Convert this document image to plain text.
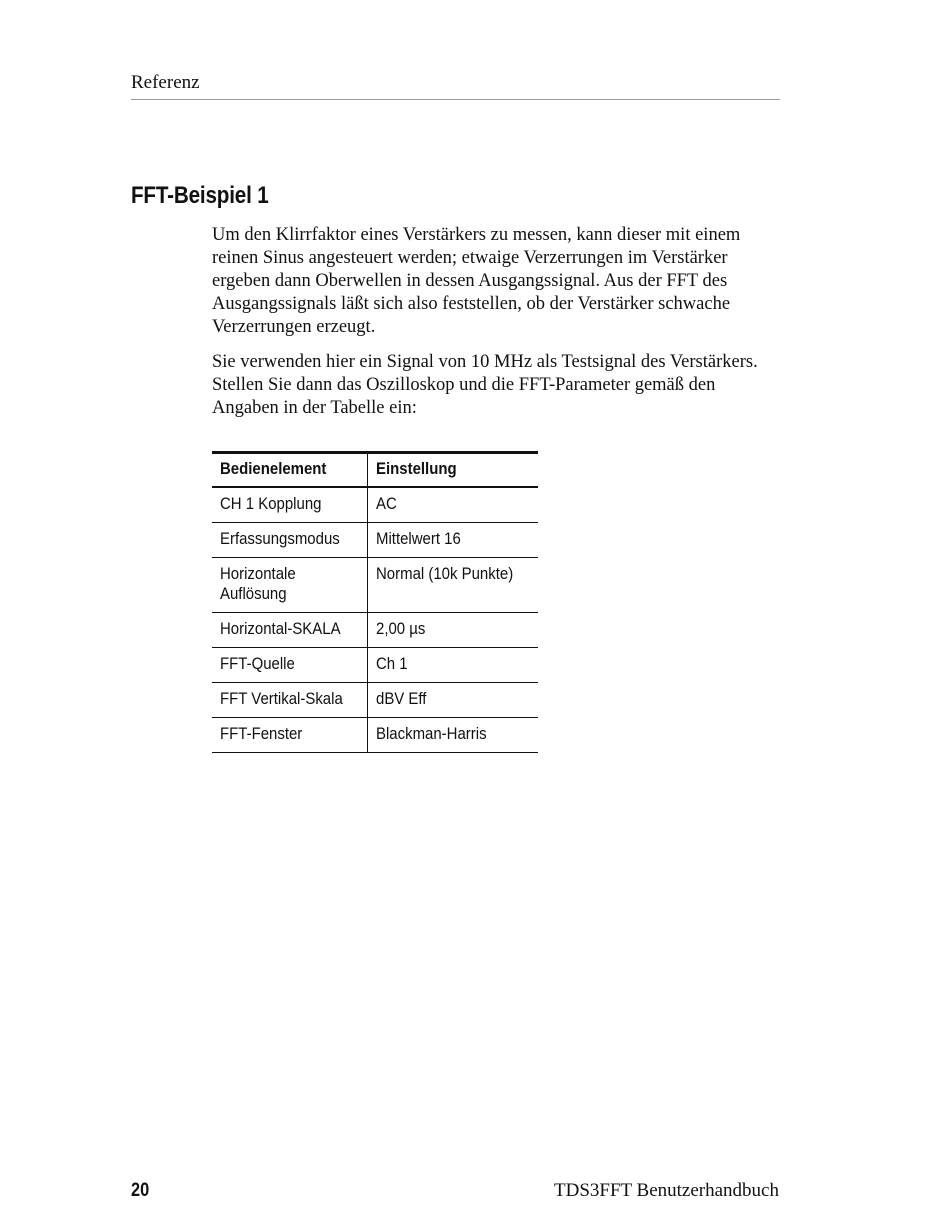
Referenz
FFT-Beispiel 1

Um den Klirrfaktor eines Verstärkers zu messen, kann dieser mit einem reinen Sinus angesteuert werden; etwaige Verzerrungen im Verstärker ergeben dann Oberwellen in dessen Ausgangssignal. Aus der FFT des Ausgangssignals läßt sich also feststellen, ob der Verstärker schwache Verzerrungen erzeugt.

Sie verwenden hier ein Signal von 10 MHz als Testsignal des Verstärkers. Stellen Sie dann das Oszilloskop und die FFT-Parameter gemäß den Angaben in der Tabelle ein:

Bedienelement	Einstellung
CH 1 Kopplung	AC
Erfassungsmodus	Mittelwert 16
Horizontale Auflösung	Normal (10k Punkte)
Horizontal-SKALA	2,00 µs
FFT-Quelle	Ch 1
FFT Vertikal-Skala	dBV Eff
FFT-Fenster	Blackman-Harris
20	TDS3FFT Benutzerhandbuch
